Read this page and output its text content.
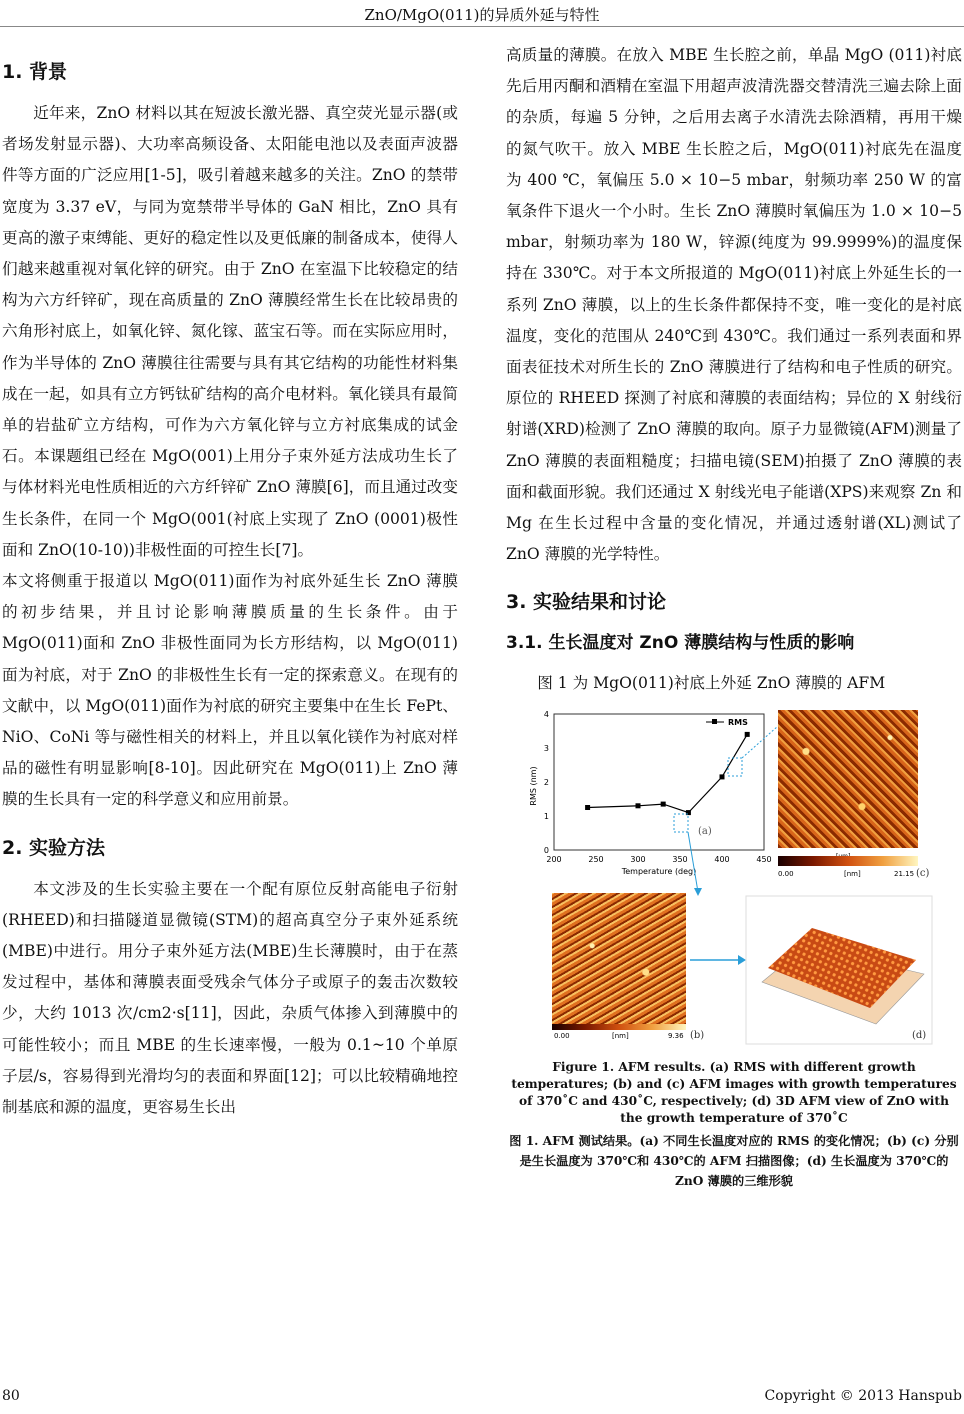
ZnO/MgO(011)的异质外延与特性
1. 背景
近年来，ZnO 材料以其在短波长激光器、真空荧光显示器(或者场发射显示器)、大功率高频设备、太阳能电池以及表面声波器件等方面的广泛应用[1-5]，吸引着越来越多的关注。ZnO 的禁带宽度为 3.37 eV，与同为宽禁带半导体的 GaN 相比，ZnO 具有更高的激子束缚能、更好的稳定性以及更低廉的制备成本，使得人们越来越重视对氧化锌的研究。由于 ZnO 在室温下比较稳定的结构为六方纤锌矿，现在高质量的 ZnO 薄膜经常生长在比较昂贵的六角形衬底上，如氧化锌、氮化镓、蓝宝石等。而在实际应用时，作为半导体的 ZnO 薄膜往往需要与具有其它结构的功能性材料集成在一起，如具有立方钙钛矿结构的高介电材料。氧化镁具有最简单的岩盐矿立方结构，可作为六方氧化锌与立方衬底集成的试金石。本课题组已经在 MgO(001)上用分子束外延方法成功生长了与体材料光电性质相近的六方纤锌矿 ZnO 薄膜[6]，而且通过改变生长条件，在同一个 MgO(001(衬底上实现了 ZnO (0001)极性面和 ZnO(10-10))非极性面的可控生长[7]。
本文将侧重于报道以 MgO(011)面作为衬底外延生长 ZnO 薄膜的初步结果，并且讨论影响薄膜质量的生长条件。由于 MgO(011)面和 ZnO 非极性面同为长方形结构，以 MgO(011)面为衬底，对于 ZnO 的非极性生长有一定的探索意义。在现有的文献中，以 MgO(011)面作为衬底的研究主要集中在生长 FePt、NiO、CoNi 等与磁性相关的材料上，并且以氧化镁作为衬底对样品的磁性有明显影响[8-10]。因此研究在 MgO(011)上 ZnO 薄膜的生长具有一定的科学意义和应用前景。
2. 实验方法
本文涉及的生长实验主要在一个配有原位反射高能电子衍射(RHEED)和扫描隧道显微镜(STM)的超高真空分子束外延系统(MBE)中进行。用分子束外延方法(MBE)生长薄膜时，由于在蒸发过程中，基体和薄膜表面受残余气体分子或原子的轰击次数较少，大约 1013 次/cm2·s[11]，因此，杂质气体掺入到薄膜中的可能性较小；而且 MBE 的生长速率慢，一般为 0.1~10 个单原子层/s，容易得到光滑均匀的表面和界面[12]；可以比较精确地控制基底和源的温度，更容易生长出
高质量的薄膜。在放入 MBE 生长腔之前，单晶 MgO (011)衬底先后用丙酮和酒精在室温下用超声波清洗器交替清洗三遍去除上面的杂质，每遍 5 分钟，之后用去离子水清洗去除酒精，再用干燥的氮气吹干。放入 MBE 生长腔之后，MgO(011)衬底先在温度为 400 ℃，氧偏压 5.0 × 10−5 mbar，射频功率 250 W 的富氧条件下退火一个小时。生长 ZnO 薄膜时氧偏压为 1.0 × 10−5 mbar，射频功率为 180 W，锌源(纯度为 99.9999%)的温度保持在 330℃。对于本文所报道的 MgO(011)衬底上外延生长的一系列 ZnO 薄膜，以上的生长条件都保持不变，唯一变化的是衬底温度，变化的范围从 240℃到 430℃。我们通过一系列表面和界面表征技术对所生长的 ZnO 薄膜进行了结构和电子性质的研究。原位的 RHEED 探测了衬底和薄膜的表面结构；异位的 X 射线衍射谱(XRD)检测了 ZnO 薄膜的取向。原子力显微镜(AFM)测量了 ZnO 薄膜的表面粗糙度；扫描电镜(SEM)拍摄了 ZnO 薄膜的表面和截面形貌。我们还通过 X 射线光电子能谱(XPS)来观察 Zn 和 Mg 在生长过程中含量的变化情况，并通过透射谱(XL)测试了 ZnO 薄膜的光学特性。
3. 实验结果和讨论
3.1. 生长温度对 ZnO 薄膜结构与性质的影响
图 1 为 MgO(011)衬底上外延 ZnO 薄膜的 AFM
200	250	300	350	400	450
0
1
2
3
4
RMS (nm)
Temperature (deg)
RMS
(a)
(d)
(b)
(c)
0.00	[nm]	21.15
0.00	[nm]	9.36
Figure 1. AFM results. (a) RMS with different growth temperatures; (b) and (c) AFM images with growth temperatures of 370˚C and 430˚C, respectively; (d) 3D AFM view of ZnO with the growth temperature of 370˚C
图 1. AFM 测试结果。(a) 不同生长温度对应的 RMS 的变化情况；(b) (c) 分别是生长温度为 370℃和 430℃的 AFM 扫描图像；(d) 生长温度为 370℃的 ZnO 薄膜的三维形貌
80	Copyright © 2013 Hanspub
